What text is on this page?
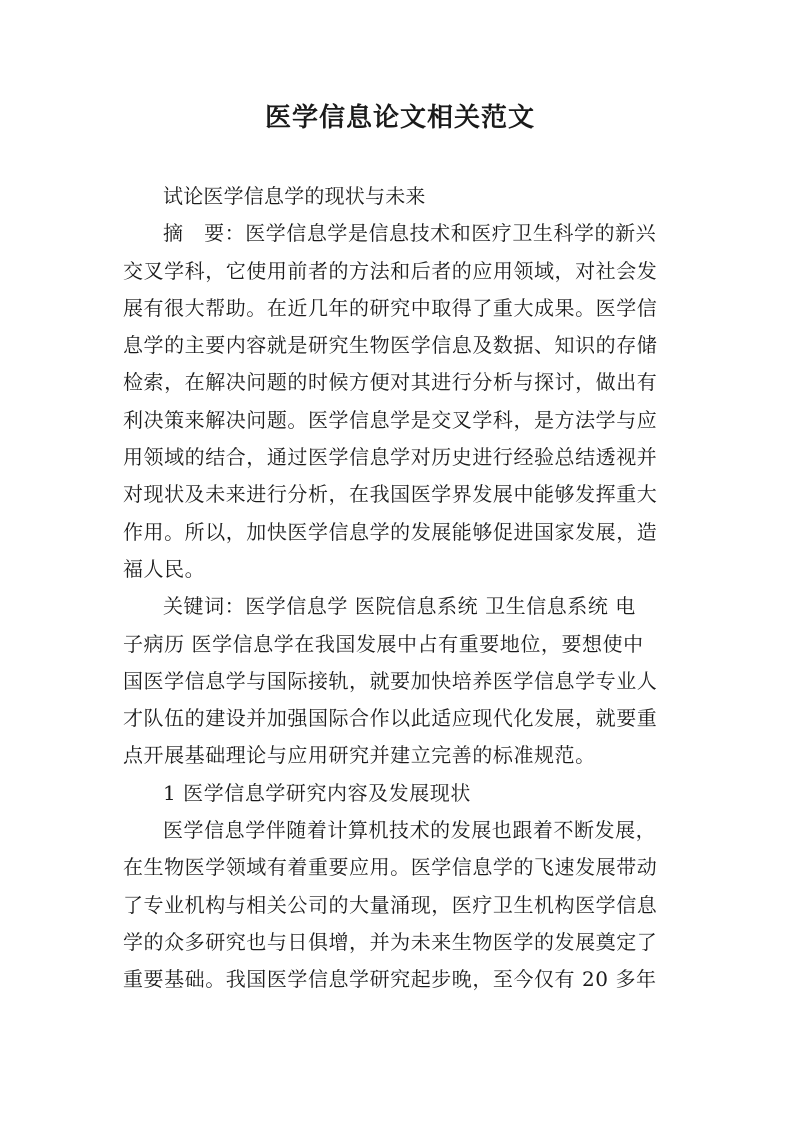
医学信息论文相关范文
试论医学信息学的现状与未来
摘　要：医学信息学是信息技术和医疗卫生科学的新兴
交叉学科，它使用前者的方法和后者的应用领域，对社会发
展有很大帮助。在近几年的研究中取得了重大成果。医学信
息学的主要内容就是研究生物医学信息及数据、知识的存储
检索，在解决问题的时候方便对其进行分析与探讨，做出有
利决策来解决问题。医学信息学是交叉学科，是方法学与应
用领域的结合，通过医学信息学对历史进行经验总结透视并
对现状及未来进行分析，在我国医学界发展中能够发挥重大
作用。所以，加快医学信息学的发展能够促进国家发展，造
福人民。
关键词：医学信息学 医院信息系统 卫生信息系统 电
子病历 医学信息学在我国发展中占有重要地位，要想使中
国医学信息学与国际接轨，就要加快培养医学信息学专业人
才队伍的建设并加强国际合作以此适应现代化发展，就要重
点开展基础理论与应用研究并建立完善的标准规范。
1 医学信息学研究内容及发展现状
医学信息学伴随着计算机技术的发展也跟着不断发展，
在生物医学领域有着重要应用。医学信息学的飞速发展带动
了专业机构与相关公司的大量涌现，医疗卫生机构医学信息
学的众多研究也与日俱增，并为未来生物医学的发展奠定了
重要基础。我国医学信息学研究起步晚，至今仅有 20 多年
